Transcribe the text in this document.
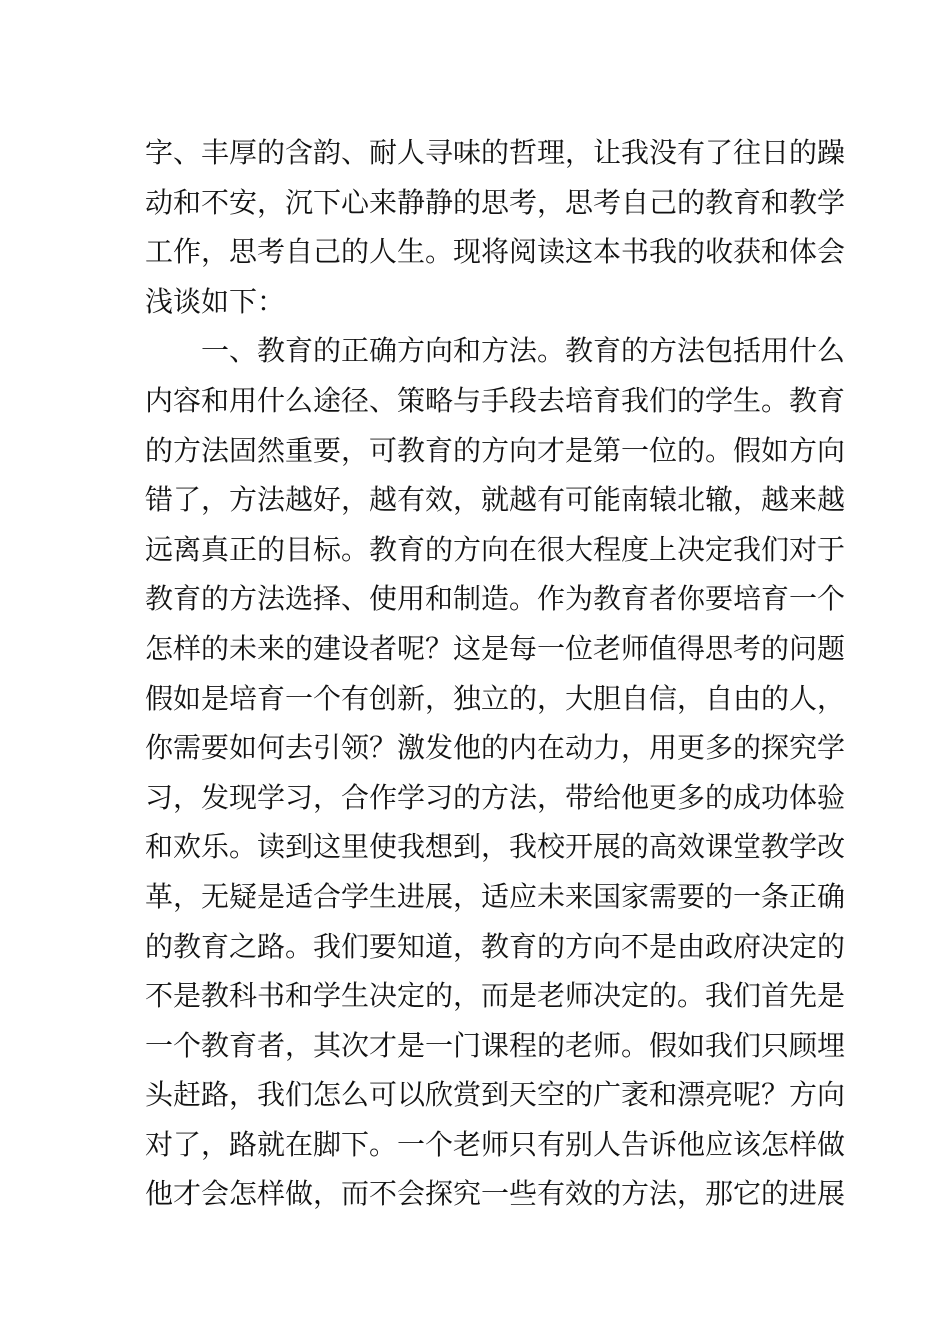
字、丰厚的含韵、耐人寻味的哲理，让我没有了往日的躁
动和不安，沉下心来静静的思考，思考自己的教育和教学
工作，思考自己的人生。现将阅读这本书我的收获和体会
浅谈如下：
　　一、教育的正确方向和方法。教育的方法包括用什么
内容和用什么途径、策略与手段去培育我们的学生。教育
的方法固然重要，可教育的方向才是第一位的。假如方向
错了，方法越好，越有效，就越有可能南辕北辙，越来越
远离真正的目标。教育的方向在很大程度上决定我们对于
教育的方法选择、使用和制造。作为教育者你要培育一个
怎样的未来的建设者呢？这是每一位老师值得思考的问题
假如是培育一个有创新，独立的，大胆自信，自由的人，
你需要如何去引领？激发他的内在动力，用更多的探究学
习，发现学习，合作学习的方法，带给他更多的成功体验
和欢乐。读到这里使我想到，我校开展的高效课堂教学改
革，无疑是适合学生进展，适应未来国家需要的一条正确
的教育之路。我们要知道，教育的方向不是由政府决定的
不是教科书和学生决定的，而是老师决定的。我们首先是
一个教育者，其次才是一门课程的老师。假如我们只顾埋
头赶路，我们怎么可以欣赏到天空的广袤和漂亮呢？方向
对了，路就在脚下。一个老师只有别人告诉他应该怎样做
他才会怎样做，而不会探究一些有效的方法，那它的进展
